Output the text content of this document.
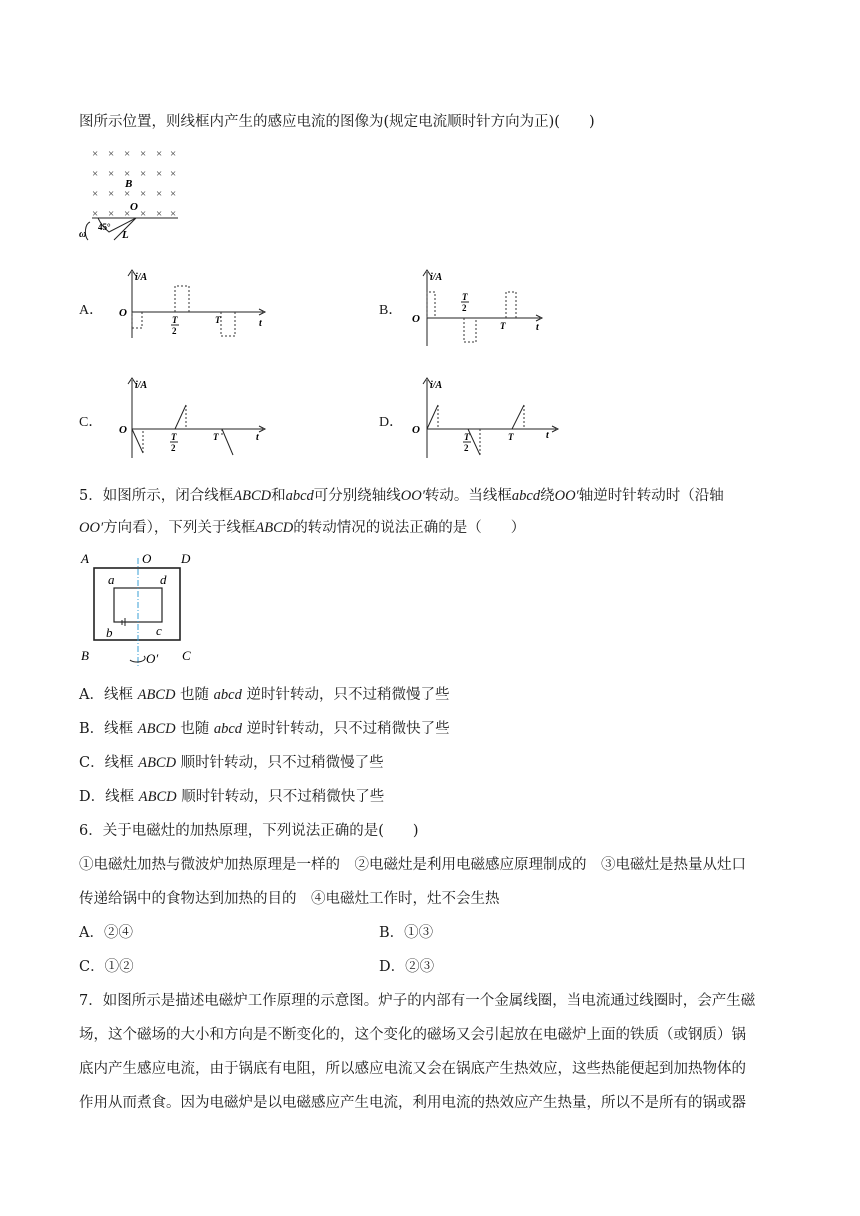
图所示位置，则线框内产生的感应电流的图像为(规定电流顺时针方向为正)(　　)
× × × × × ×
× × × × × ×
× × × × × ×
× × × × × ×
B
O
45°
ω	L
A．
i/A
O
t
T
2
T
B．
i/A
O
t
T
2
T
C．
i/A
O
t
T
2
T
D．
i/A
O	t
T
2
T
5．如图所示，闭合线框ABCD和abcd可分别绕轴线OO′转动。当线框abcd绕OO′轴逆时针转动时（沿轴
OO′方向看），下列关于线框ABCD的转动情况的说法正确的是（　　）
A	O D
a	d
b	c
B	O′ C
A．线框 ABCD 也随 abcd 逆时针转动，只不过稍微慢了些
B．线框 ABCD 也随 abcd 逆时针转动，只不过稍微快了些
C．线框 ABCD 顺时针转动，只不过稍微慢了些
D．线框 ABCD 顺时针转动，只不过稍微快了些
6．关于电磁灶的加热原理，下列说法正确的是(　　)
①电磁灶加热与微波炉加热原理是一样的　②电磁灶是利用电磁感应原理制成的　③电磁灶是热量从灶口
传递给锅中的食物达到加热的目的　④电磁灶工作时，灶不会生热
A．②④	B．①③
C．①②	D．②③
7．如图所示是描述电磁炉工作原理的示意图。炉子的内部有一个金属线圈，当电流通过线圈时，会产生磁
场，这个磁场的大小和方向是不断变化的，这个变化的磁场又会引起放在电磁炉上面的铁质（或钢质）锅
底内产生感应电流，由于锅底有电阻，所以感应电流又会在锅底产生热效应，这些热能便起到加热物体的
作用从而煮食。因为电磁炉是以电磁感应产生电流，利用电流的热效应产生热量，所以不是所有的锅或器
